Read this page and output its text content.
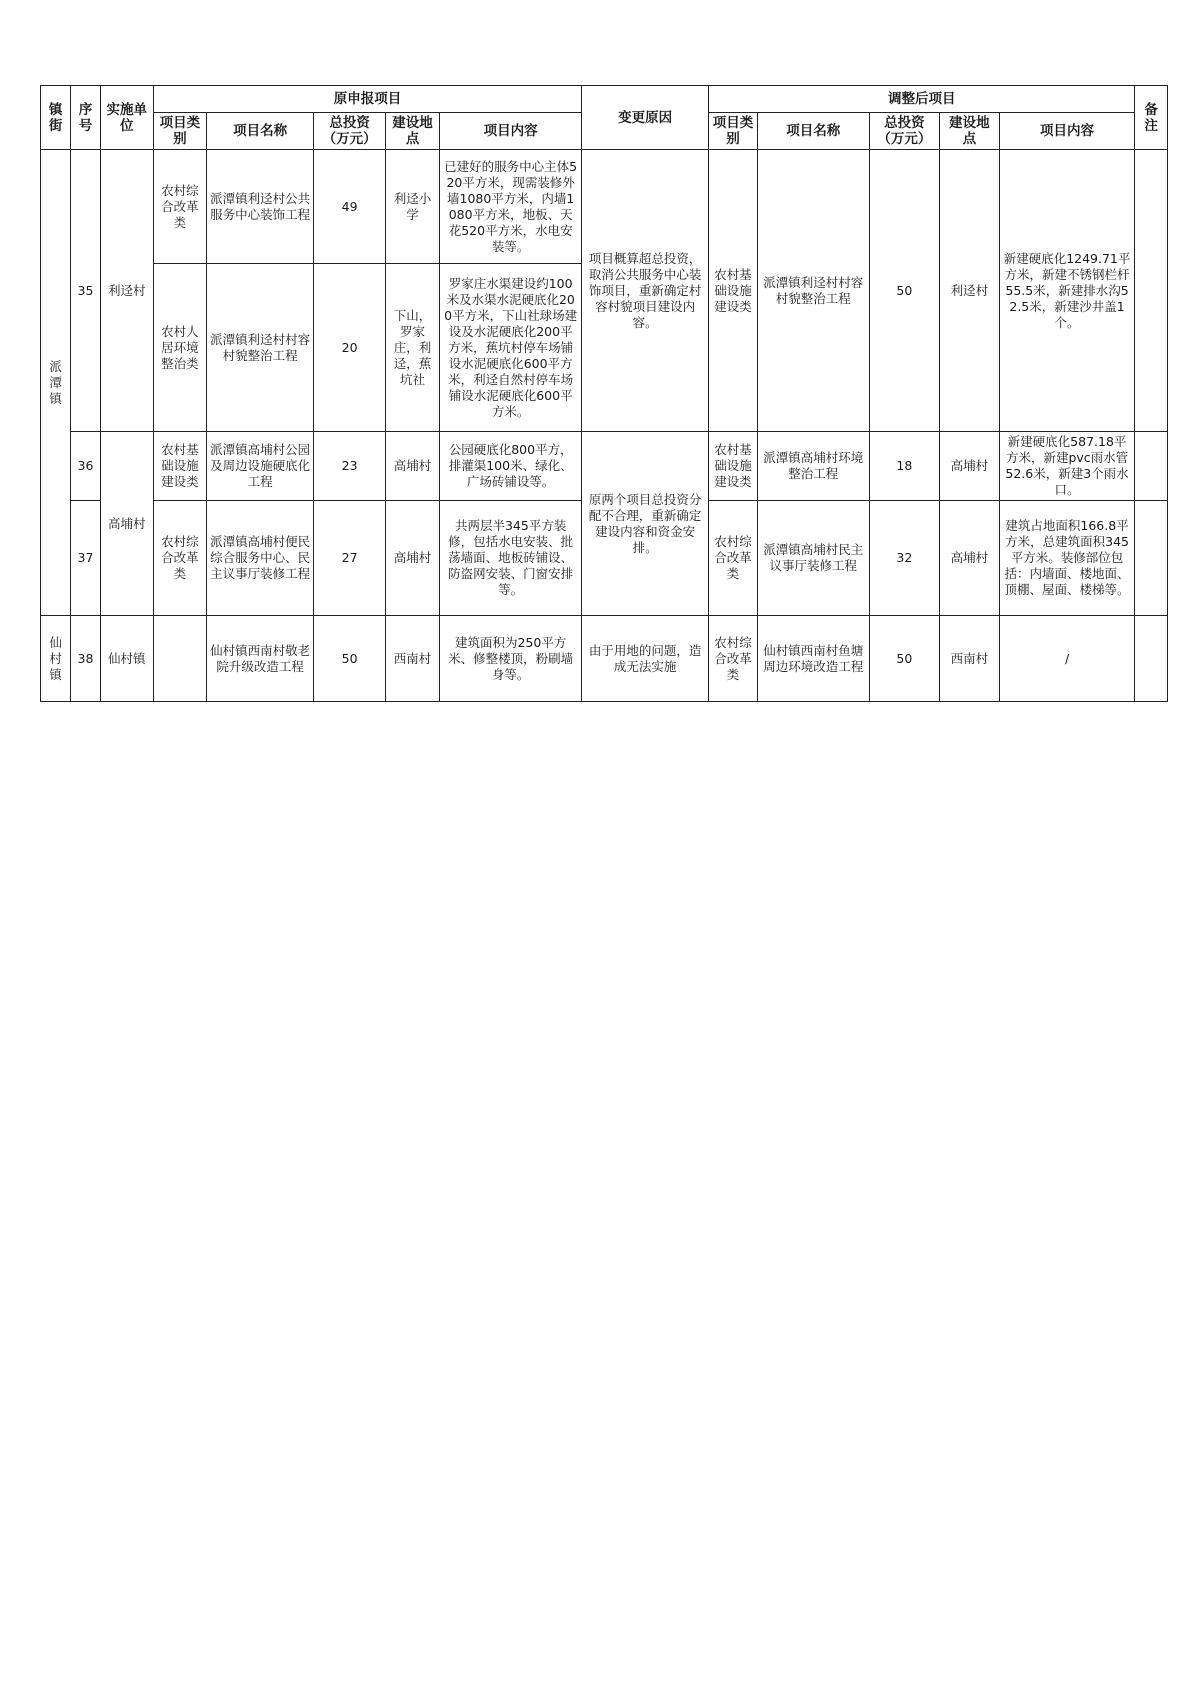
镇街	序号	实施单位	原申报项目					变更原因	调整后项目					备注
			项目类别	项目名称	总投资（万元）	建设地点	项目内容		项目类别	项目名称	总投资（万元）	建设地点	项目内容	
派潭镇	35	利迳村	农村综合改革类	派潭镇利迳村公共服务中心装饰工程	49	利迳小学	已建好的服务中心主体520平方米，现需装修外墙1080平方米，内墙1080平方米，地板、天花520平方米，水电安装等。	项目概算超总投资，取消公共服务中心装饰项目，重新确定村容村貌项目建设内容。	农村基础设施建设类	派潭镇利迳村村容村貌整治工程	50	利迳村	新建硬底化1249.71平方米，新建不锈钢栏杆55.5米，新建排水沟52.5米，新建沙井盖1个。	
			农村人居环境整治类	派潭镇利迳村村容村貌整治工程	20	下山，罗家庄，利迳，蕉坑社	罗家庄水渠建设约100米及水渠水泥硬底化200平方米，下山社球场建设及水泥硬底化200平方米，蕉坑村停车场铺设水泥硬底化600平方米，利迳自然村停车场铺设水泥硬底化600平方米。							
	36	高埔村	农村基础设施建设类	派潭镇高埔村公园及周边设施硬底化工程	23	高埔村	公园硬底化800平方，排灌渠100米、绿化、广场砖铺设等。	原两个项目总投资分配不合理，重新确定建设内容和资金安排。	农村基础设施建设类	派潭镇高埔村环境整治工程	18	高埔村	新建硬底化587.18平方米，新建pvc雨水管52.6米，新建3个雨水口。	
	37		农村综合改革类	派潭镇高埔村便民综合服务中心、民主议事厅装修工程	27	高埔村	共两层半345平方装修，包括水电安装、批荡墙面、地板砖铺设、防盗网安装、门窗安排等。		农村综合改革类	派潭镇高埔村民主议事厅装修工程	32	高埔村	建筑占地面积166.8平方米，总建筑面积345平方米。装修部位包括：内墙面、楼地面、顶棚、屋面、楼梯等。	
仙村镇	38	仙村镇		仙村镇西南村敬老院升级改造工程	50	西南村	建筑面积为250平方米、修整楼顶，粉刷墙身等。	由于用地的问题，造成无法实施	农村综合改革类	仙村镇西南村鱼塘周边环境改造工程	50	西南村	/	
